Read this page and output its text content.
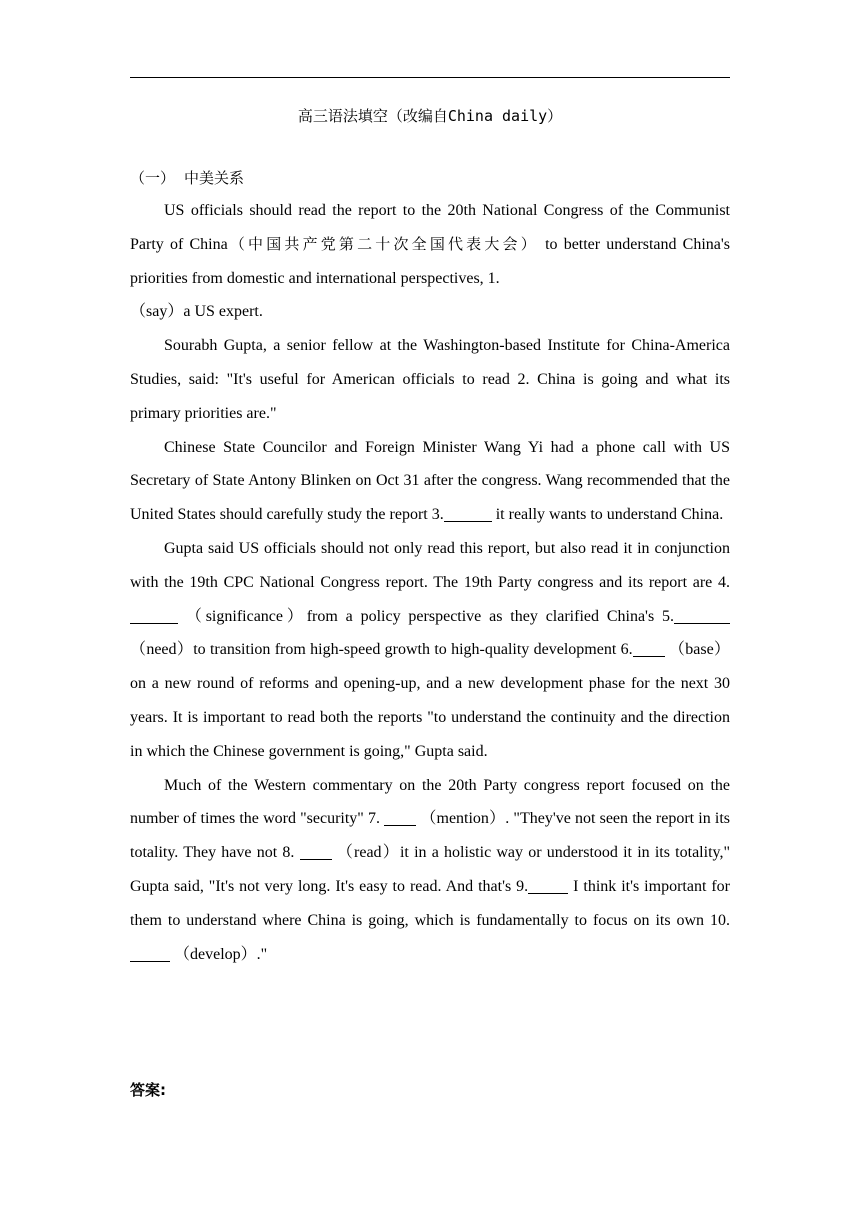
高三语法填空（改编自China daily）
（一） 中美关系

US officials should read the report to the 20th National Congress of the Communist Party of China（中国共产党第二十次全国代表大会） to better understand China's priorities from domestic and international perspectives, 1.
（say）a US expert.

Sourabh Gupta, a senior fellow at the Washington-based Institute for China-America Studies, said: "It's useful for American officials to read 2. China is going and what its primary priorities are."

Chinese State Councilor and Foreign Minister Wang Yi had a phone call with US Secretary of State Antony Blinken on Oct 31 after the congress. Wang recommended that the United States should carefully study the report 3.	it really wants to understand China.

Gupta said US officials should not only read this report, but also read it in conjunction with the 19th CPC National Congress report. The 19th Party congress and its report are 4.  （significance）from a policy perspective as they clarified China's 5. （need）to transition from high-speed growth to high-quality development 6. （base）on a new round of reforms and opening-up, and a new development phase for the next 30 years. It is important to read both the reports "to understand the continuity and the direction in which the Chinese government is going," Gupta said.

Much of the Western commentary on the 20th Party congress report focused on the number of times the word "security" 7.  （mention）. "They've not seen the report in its totality. They have not 8.  （read）it in a holistic way or understood it in its totality," Gupta said, "It's not very long. It's easy to read. And that's 9.	I think it's important for them to understand where China is going, which is fundamentally to focus on its own 10. （develop）."

答案:
